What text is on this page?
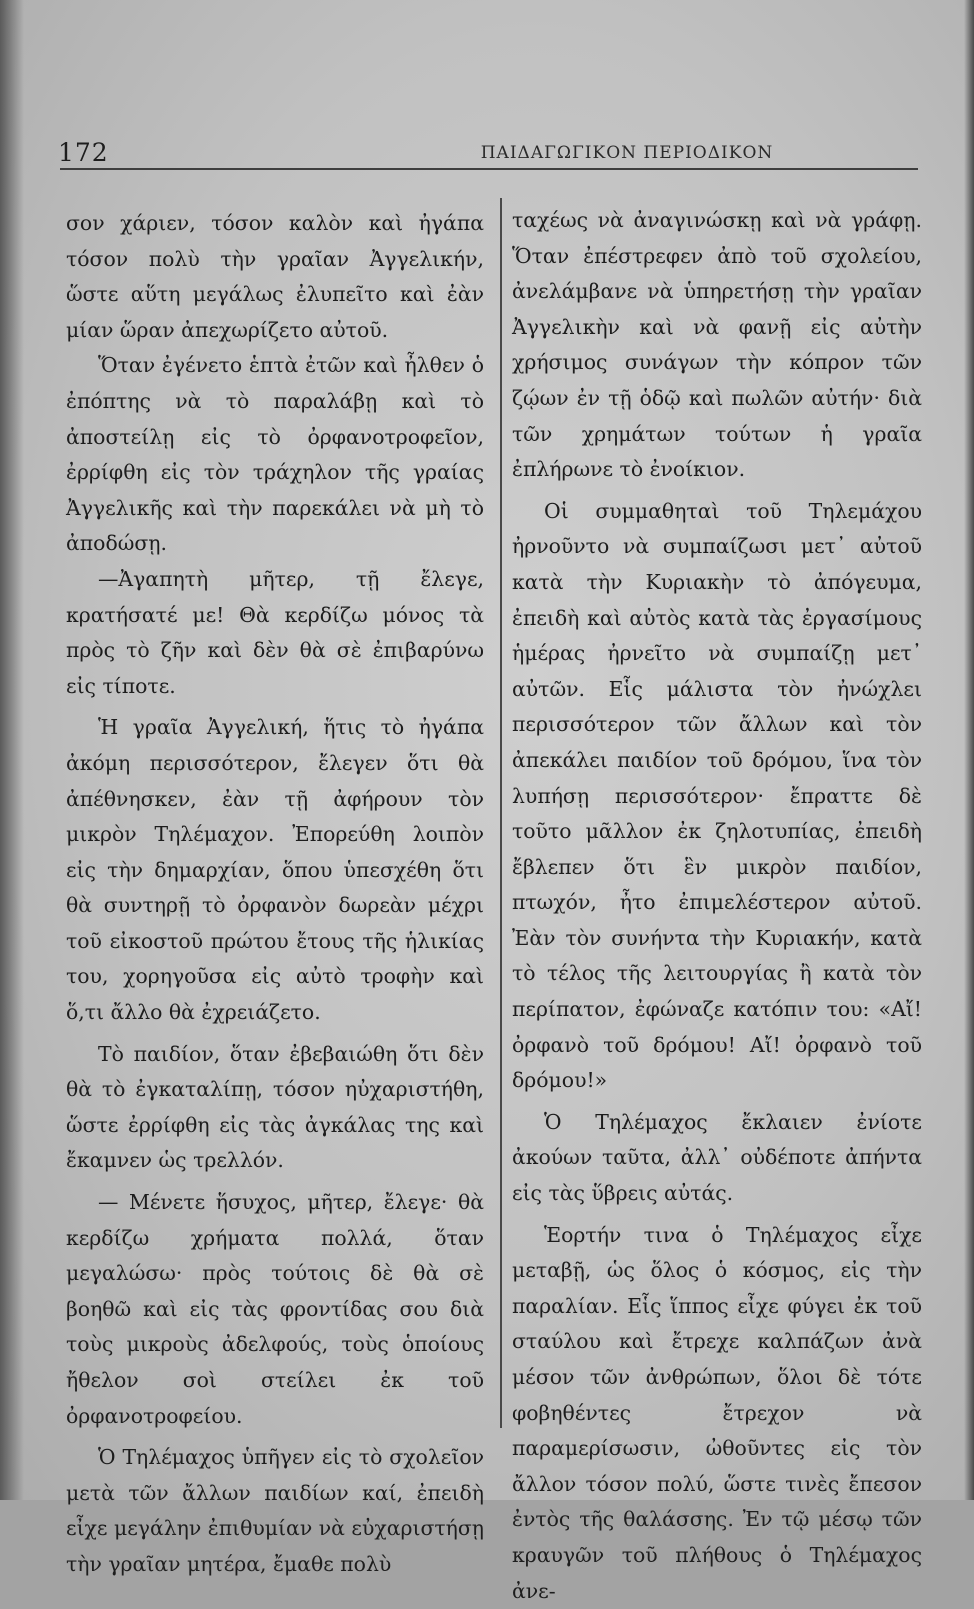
172	ΠΑΙΔΑΓΩΓΙΚΟΝ ΠΕΡΙΟΔΙΚΟΝ

σον χάριεν, τόσον καλὸν καὶ ἠγάπα τόσον πολὺ τὴν γραῖαν Ἀγγελικήν, ὥστε αὕτη μεγάλως ἐλυπεῖτο καὶ ἐὰν μίαν ὥραν ἀπεχωρίζετο αὐτοῦ.

Ὅταν ἐγένετο ἑπτὰ ἐτῶν καὶ ἦλθεν ὁ ἐπόπτης νὰ τὸ παραλάβῃ καὶ τὸ ἀποστείλῃ εἰς τὸ ὀρφανοτροφεῖον, ἐρρίφθη εἰς τὸν τράχηλον τῆς γραίας Ἀγγελικῆς καὶ τὴν παρεκάλει νὰ μὴ τὸ ἀποδώσῃ.

—Ἀγαπητὴ μῆτερ, τῇ ἔλεγε, κρατήσατέ με! Θὰ κερδίζω μόνος τὰ πρὸς τὸ ζῆν καὶ δὲν θὰ σὲ ἐπιβαρύνω εἰς τίποτε.

Ἡ γραῖα Ἀγγελική, ἥτις τὸ ἠγάπα ἀκόμη περισσότερον, ἔλεγεν ὅτι θὰ ἀπέθνησκεν, ἐὰν τῇ ἀφήρουν τὸν μικρὸν Τηλέμαχον. Ἐπορεύθη λοιπὸν εἰς τὴν δημαρχίαν, ὅπου ὑπεσχέθη ὅτι θὰ συντηρῇ τὸ ὀρφανὸν δωρεὰν μέχρι τοῦ εἰκοστοῦ πρώτου ἔτους τῆς ἡλικίας του, χορηγοῦσα εἰς αὐτὸ τροφὴν καὶ ὅ,τι ἄλλο θὰ ἐχρειάζετο.

Τὸ παιδίον, ὅταν ἐβεβαιώθη ὅτι δὲν θὰ τὸ ἐγκαταλίπῃ, τόσον ηὐχαριστήθη, ὥστε ἐρρίφθη εἰς τὰς ἀγκάλας της καὶ ἔκαμνεν ὡς τρελλόν.

— Μένετε ἥσυχος, μῆτερ, ἔλεγε· θὰ κερδίζω χρήματα πολλά, ὅταν μεγαλώσω· πρὸς τούτοις δὲ θὰ σὲ βοηθῶ καὶ εἰς τὰς φροντίδας σου διὰ τοὺς μικροὺς ἀδελφούς, τοὺς ὁποίους ἤθελον σοὶ στείλει ἐκ τοῦ ὀρφανοτροφείου.

Ὁ Τηλέμαχος ὑπῆγεν εἰς τὸ σχολεῖον μετὰ τῶν ἄλλων παιδίων καί, ἐπειδὴ εἶχε μεγάλην ἐπιθυμίαν νὰ εὐχαριστήσῃ τὴν γραῖαν μητέρα, ἔμαθε πολὺ

ταχέως νὰ ἀναγινώσκῃ καὶ νὰ γράφῃ. Ὅταν ἐπέστρεφεν ἀπὸ τοῦ σχολείου, ἀνελάμβανε νὰ ὑπηρετήσῃ τὴν γραῖαν Ἀγγελικὴν καὶ νὰ φανῇ εἰς αὐτὴν χρήσιμος συνάγων τὴν κόπρον τῶν ζῴων ἐν τῇ ὁδῷ καὶ πωλῶν αὐτήν· διὰ τῶν χρημάτων τούτων ἡ γραῖα ἐπλήρωνε τὸ ἐνοίκιον.

Οἱ συμμαθηταὶ τοῦ Τηλεμάχου ἠρνοῦντο νὰ συμπαίζωσι μετ᾽ αὐτοῦ κατὰ τὴν Κυριακὴν τὸ ἀπόγευμα, ἐπειδὴ καὶ αὐτὸς κατὰ τὰς ἐργασίμους ἡμέρας ἠρνεῖτο νὰ συμπαίζῃ μετ᾽ αὐτῶν. Εἷς μάλιστα τὸν ἠνώχλει περισσότερον τῶν ἄλλων καὶ τὸν ἀπεκάλει παιδίον τοῦ δρόμου, ἵνα τὸν λυπήσῃ περισσότερον· ἔπραττε δὲ τοῦτο μᾶλλον ἐκ ζηλοτυπίας, ἐπειδὴ ἔβλεπεν ὅτι ἓν μικρὸν παιδίον, πτωχόν, ἦτο ἐπιμελέστερον αὐτοῦ. Ἐὰν τὸν συνήντα τὴν Κυριακήν, κατὰ τὸ τέλος τῆς λειτουργίας ἢ κατὰ τὸν περίπατον, ἐφώναζε κατόπιν του: «Αἴ! ὀρφανὸ τοῦ δρόμου! Αἴ! ὀρφανὸ τοῦ δρόμου!»

Ὁ Τηλέμαχος ἔκλαιεν ἐνίοτε ἀκούων ταῦτα, ἀλλ᾽ οὐδέποτε ἀπήντα εἰς τὰς ὕβρεις αὐτάς.

Ἑορτήν τινα ὁ Τηλέμαχος εἶχε μεταβῇ, ὡς ὅλος ὁ κόσμος, εἰς τὴν παραλίαν. Εἷς ἵππος εἶχε φύγει ἐκ τοῦ σταύλου καὶ ἔτρεχε καλπάζων ἀνὰ μέσον τῶν ἀνθρώπων, ὅλοι δὲ τότε φοβηθέντες ἔτρεχον νὰ παραμερίσωσιν, ὠθοῦντες εἰς τὸν ἄλλον τόσον πολύ, ὥστε τινὲς ἔπεσον ἐντὸς τῆς θαλάσσης. Ἐν τῷ μέσῳ τῶν κραυγῶν τοῦ πλήθους ὁ Τηλέμαχος ἀνε-
